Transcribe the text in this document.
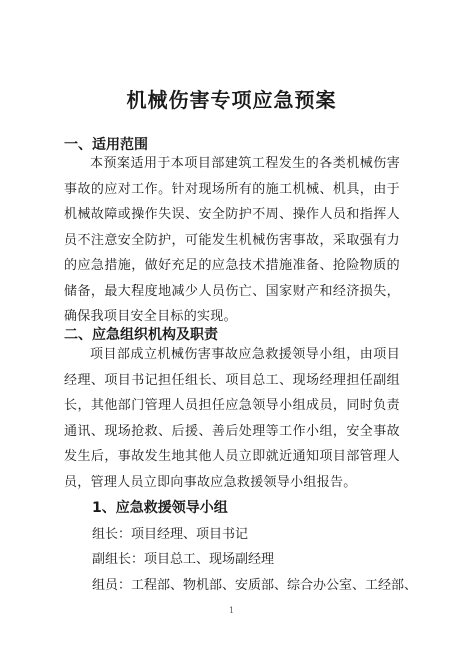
机械伤害专项应急预案
一、适用范围
本预案适用于本项目部建筑工程发生的各类机械伤害事故的应对工作。针对现场所有的施工机械、机具，由于机械故障或操作失误、安全防护不周、操作人员和指挥人员不注意安全防护，可能发生机械伤害事故，采取强有力的应急措施，做好充足的应急技术措施准备、抢险物质的储备，最大程度地减少人员伤亡、国家财产和经济损失，确保我项目安全目标的实现。
二、应急组织机构及职责
项目部成立机械伤害事故应急救援领导小组，由项目经理、项目书记担任组长、项目总工、现场经理担任副组长，其他部门管理人员担任应急领导小组成员，同时负责通讯、现场抢救、后援、善后处理等工作小组，安全事故发生后，事故发生地其他人员立即就近通知项目部管理人员，管理人员立即向事故应急救援领导小组报告。
1、应急救援领导小组
组长：项目经理、项目书记
副组长：项目总工、现场副经理
组员：工程部、物机部、安质部、综合办公室、工经部、
1
